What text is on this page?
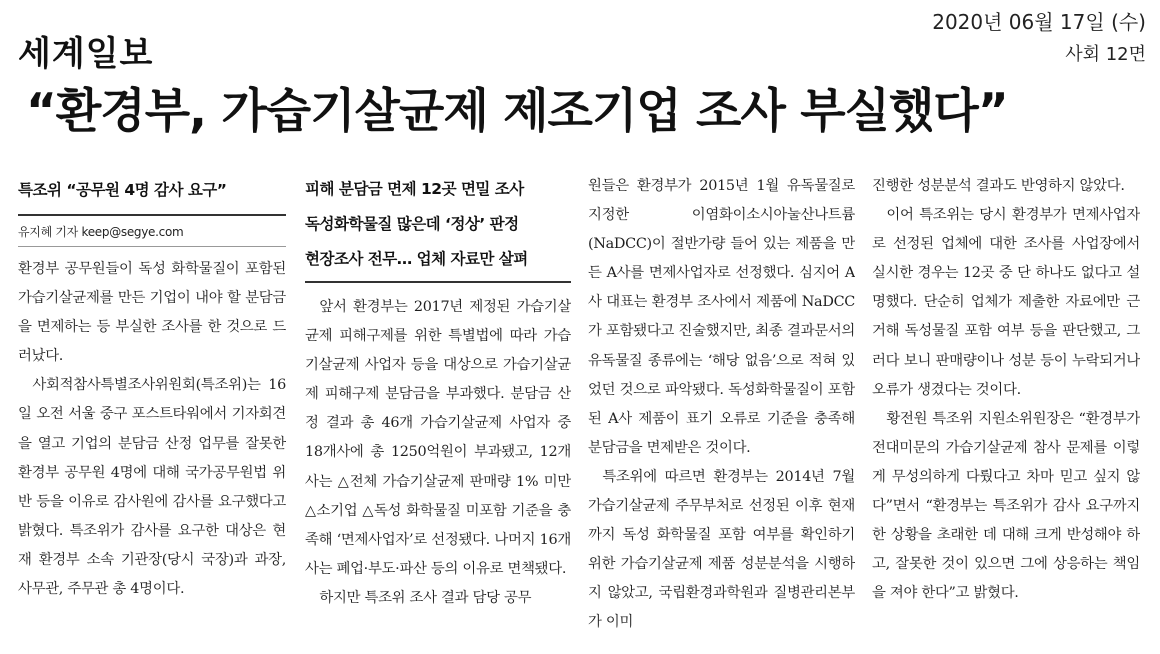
2020년 06월 17일 (수)
사회 12면
세계일보
“환경부, 가습기살균제 제조기업 조사 부실했다”
특조위 “공무원 4명 감사 요구”
유지혜 기자 keep@segye.com

환경부 공무원들이 독성 화학물질이 포함된 가습기살균제를 만든 기업이 내야 할 분담금을 면제하는 등 부실한 조사를 한 것으로 드러났다.

사회적참사특별조사위원회(특조위)는 16일 오전 서울 중구 포스트타워에서 기자회견을 열고 기업의 분담금 산정 업무를 잘못한 환경부 공무원 4명에 대해 국가공무원법 위반 등을 이유로 감사원에 감사를 요구했다고 밝혔다. 특조위가 감사를 요구한 대상은 현재 환경부 소속 기관장(당시 국장)과 과장, 사무관, 주무관 총 4명이다.

피해 분담금 면제 12곳 면밀 조사
독성화학물질 많은데 ‘정상’ 판정
현장조사 전무… 업체 자료만 살펴

앞서 환경부는 2017년 제정된 가습기살균제 피해구제를 위한 특별법에 따라 가습기살균제 사업자 등을 대상으로 가습기살균제 피해구제 분담금을 부과했다. 분담금 산정 결과 총 46개 가습기살균제 사업자 중 18개사에 총 1250억원이 부과됐고, 12개사는 △전체 가습기살균제 판매량 1% 미만 △소기업 △독성 화학물질 미포함 기준을 충족해 ‘면제사업자’로 선정됐다. 나머지 16개사는 폐업·부도·파산 등의 이유로 면책됐다.

하지만 특조위 조사 결과 담당 공무

원들은 환경부가 2015년 1월 유독물질로 지정한 이염화이소시아눌산나트륨(NaDCC)이 절반가량 들어 있는 제품을 만든 A사를 면제사업자로 선정했다. 심지어 A사 대표는 환경부 조사에서 제품에 NaDCC가 포함됐다고 진술했지만, 최종 결과문서의 유독물질 종류에는 ‘해당 없음’으로 적혀 있었던 것으로 파악됐다. 독성화학물질이 포함된 A사 제품이 표기 오류로 기준을 충족해 분담금을 면제받은 것이다.

특조위에 따르면 환경부는 2014년 7월 가습기살균제 주무부처로 선정된 이후 현재까지 독성 화학물질 포함 여부를 확인하기 위한 가습기살균제 제품 성분분석을 시행하지 않았고, 국립환경과학원과 질병관리본부가 이미

진행한 성분분석 결과도 반영하지 않았다.

이어 특조위는 당시 환경부가 면제사업자로 선정된 업체에 대한 조사를 사업장에서 실시한 경우는 12곳 중 단 하나도 없다고 설명했다. 단순히 업체가 제출한 자료에만 근거해 독성물질 포함 여부 등을 판단했고, 그러다 보니 판매량이나 성분 등이 누락되거나 오류가 생겼다는 것이다.

황전원 특조위 지원소위원장은 “환경부가 전대미문의 가습기살균제 참사 문제를 이렇게 무성의하게 다뤘다고 차마 믿고 싶지 않다”면서 “환경부는 특조위가 감사 요구까지 한 상황을 초래한 데 대해 크게 반성해야 하고, 잘못한 것이 있으면 그에 상응하는 책임을 져야 한다”고 밝혔다.
